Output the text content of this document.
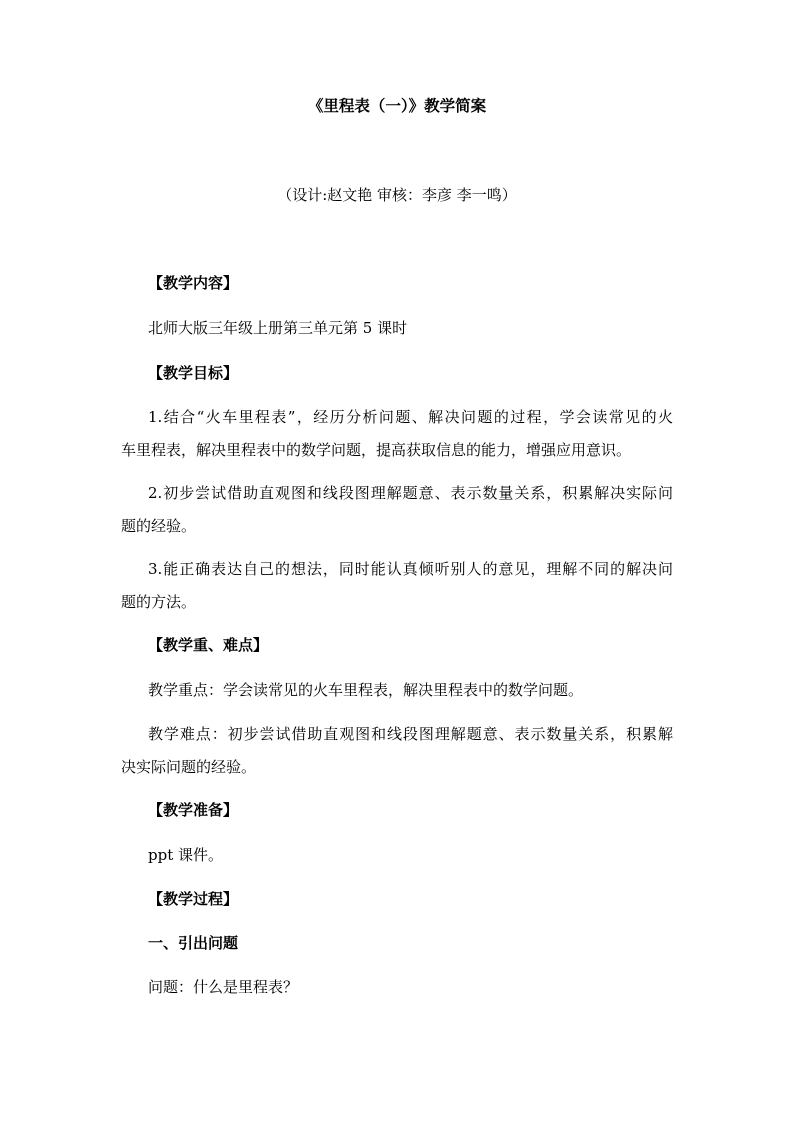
《里程表（一）》教学简案
（设计:赵文艳 审核：李彦 李一鸣）
【教学内容】
北师大版三年级上册第三单元第 5 课时
【教学目标】
1.结合“火车里程表”，经历分析问题、解决问题的过程，学会读常见的火
车里程表，解决里程表中的数学问题，提高获取信息的能力，增强应用意识。
2.初步尝试借助直观图和线段图理解题意、表示数量关系，积累解决实际问
题的经验。
3.能正确表达自己的想法，同时能认真倾听别人的意见，理解不同的解决问
题的方法。
【教学重、难点】
教学重点：学会读常见的火车里程表，解决里程表中的数学问题。
教学难点：初步尝试借助直观图和线段图理解题意、表示数量关系，积累解
决实际问题的经验。
【教学准备】
ppt 课件。
【教学过程】
一、引出问题
问题：什么是里程表？
